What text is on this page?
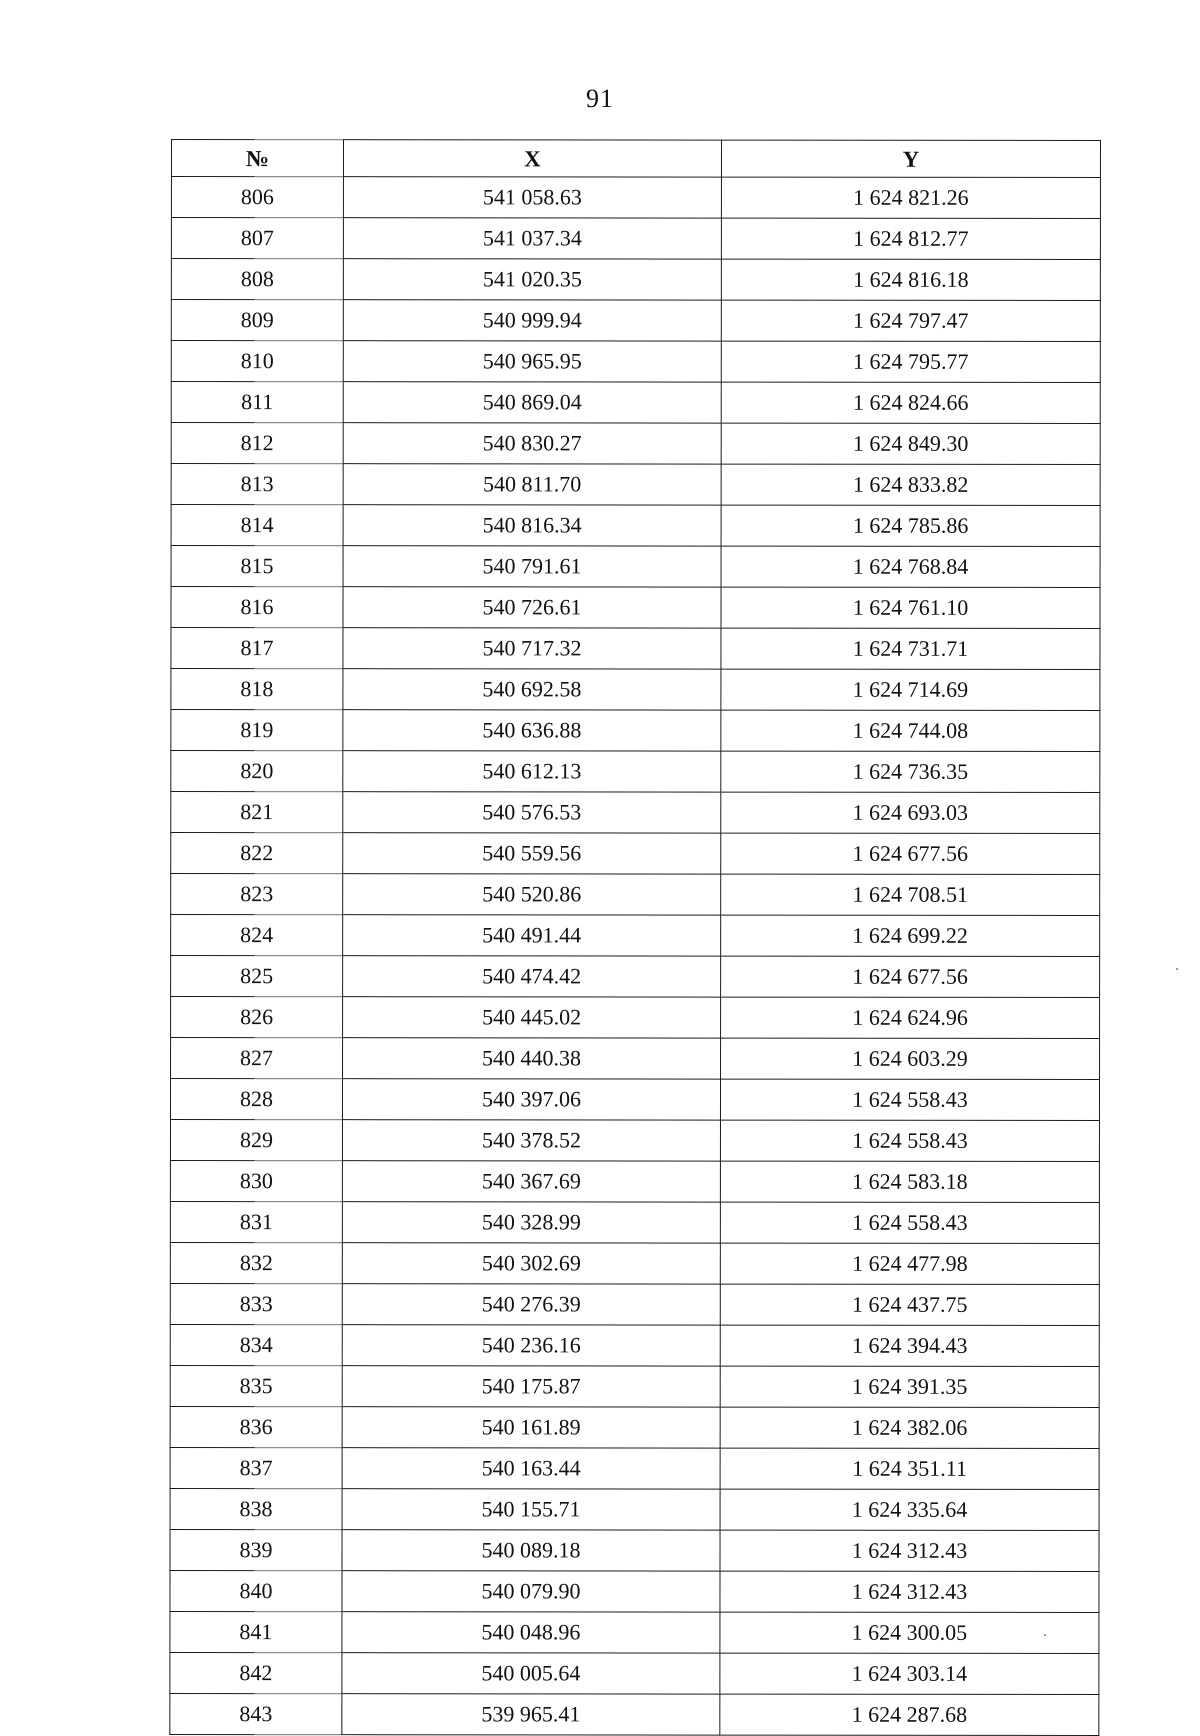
91
№	X	Y
806	541 058.63	1 624 821.26
807	541 037.34	1 624 812.77
808	541 020.35	1 624 816.18
809	540 999.94	1 624 797.47
810	540 965.95	1 624 795.77
811	540 869.04	1 624 824.66
812	540 830.27	1 624 849.30
813	540 811.70	1 624 833.82
814	540 816.34	1 624 785.86
815	540 791.61	1 624 768.84
816	540 726.61	1 624 761.10
817	540 717.32	1 624 731.71
818	540 692.58	1 624 714.69
819	540 636.88	1 624 744.08
820	540 612.13	1 624 736.35
821	540 576.53	1 624 693.03
822	540 559.56	1 624 677.56
823	540 520.86	1 624 708.51
824	540 491.44	1 624 699.22
825	540 474.42	1 624 677.56
826	540 445.02	1 624 624.96
827	540 440.38	1 624 603.29
828	540 397.06	1 624 558.43
829	540 378.52	1 624 558.43
830	540 367.69	1 624 583.18
831	540 328.99	1 624 558.43
832	540 302.69	1 624 477.98
833	540 276.39	1 624 437.75
834	540 236.16	1 624 394.43
835	540 175.87	1 624 391.35
836	540 161.89	1 624 382.06
837	540 163.44	1 624 351.11
838	540 155.71	1 624 335.64
839	540 089.18	1 624 312.43
840	540 079.90	1 624 312.43
841	540 048.96	1 624 300.05
842	540 005.64	1 624 303.14
843	539 965.41	1 624 287.68
